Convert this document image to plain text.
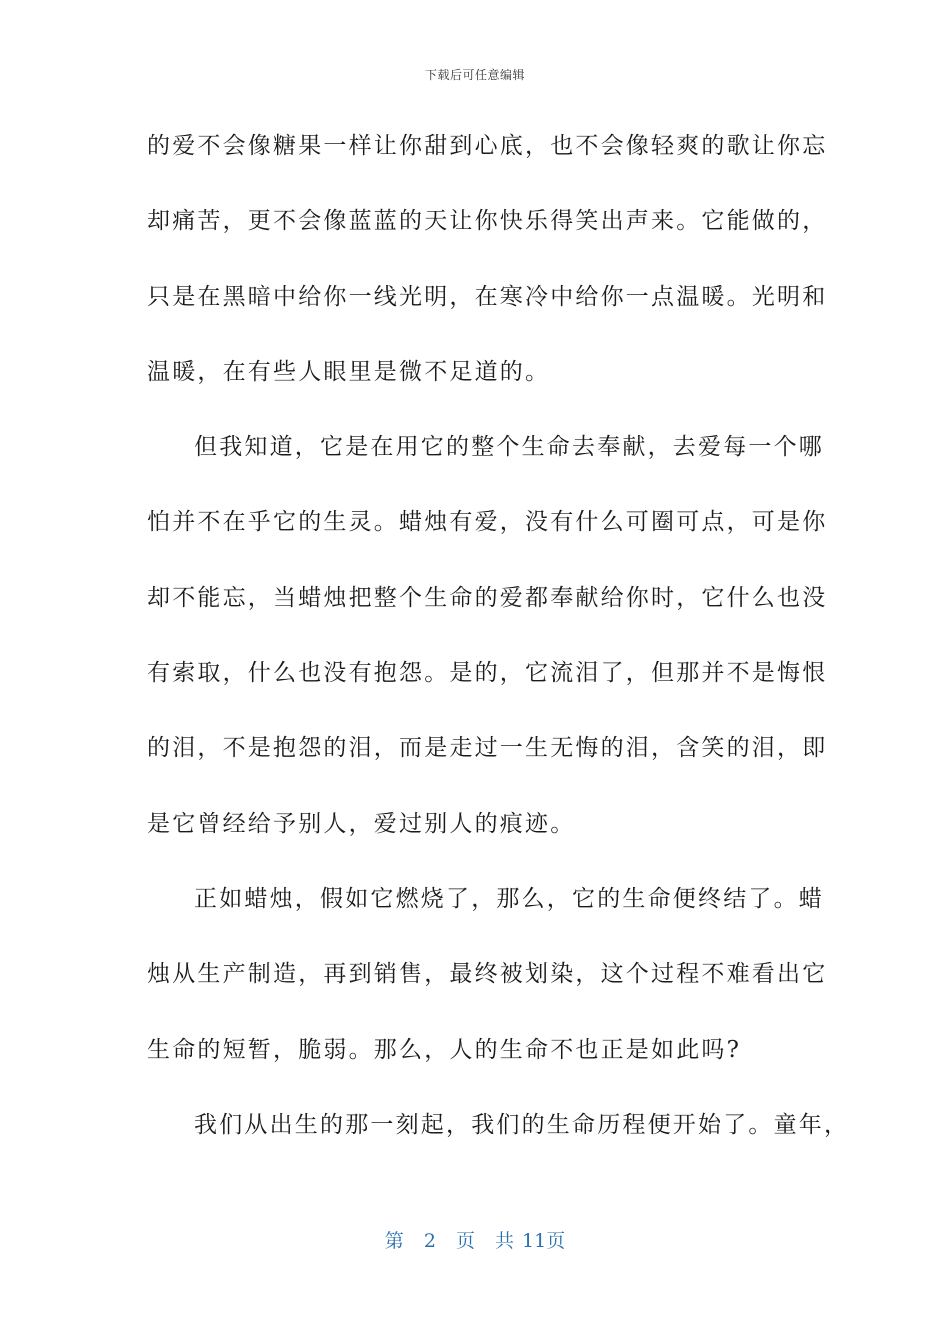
下载后可任意编辑
的爱不会像糖果一样让你甜到心底，也不会像轻爽的歌让你忘
却痛苦，更不会像蓝蓝的天让你快乐得笑出声来。它能做的，
只是在黑暗中给你一线光明，在寒冷中给你一点温暖。光明和
温暖，在有些人眼里是微不足道的。
但我知道，它是在用它的整个生命去奉献，去爱每一个哪
怕并不在乎它的生灵。蜡烛有爱，没有什么可圈可点，可是你
却不能忘，当蜡烛把整个生命的爱都奉献给你时，它什么也没
有索取，什么也没有抱怨。是的，它流泪了，但那并不是悔恨
的泪，不是抱怨的泪，而是走过一生无悔的泪，含笑的泪，即
是它曾经给予别人，爱过别人的痕迹。
正如蜡烛，假如它燃烧了，那么，它的生命便终结了。蜡
烛从生产制造，再到销售，最终被划染，这个过程不难看出它
生命的短暂，脆弱。那么，人的生命不也正是如此吗?
我们从出生的那一刻起，我们的生命历程便开始了。童年，
第 2 页 共 11页
